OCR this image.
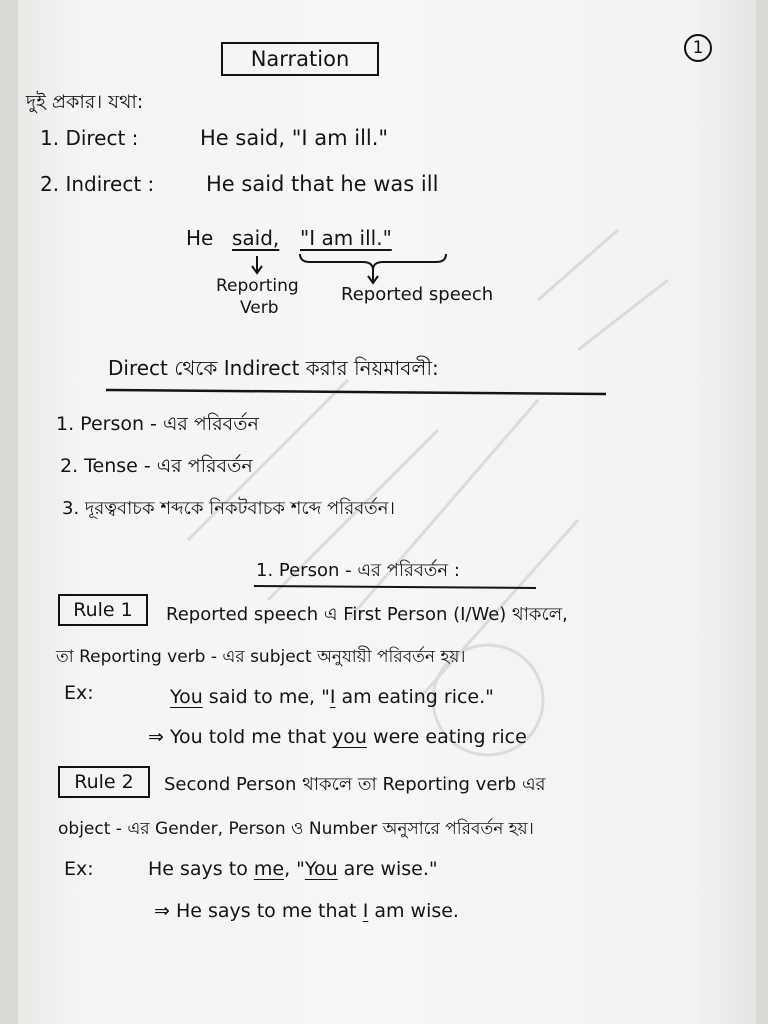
Narration	1
দুই প্রকার। যথা:
1. Direct :	He said, "I am ill."
2. Indirect : He said that he was ill
He said, "I am ill."
Reporting
Verb
Reported speech
Direct থেকে Indirect করার নিয়মাবলী:
1. Person - এর পরিবর্তন
2. Tense - এর পরিবর্তন
3. দূরত্ববাচক শব্দকে নিকটবাচক শব্দে পরিবর্তন।
1. Person - এর পরিবর্তন :
Rule 1	Reported speech এ First Person (I/We) থাকলে,
তা Reporting verb - এর subject অনুযায়ী পরিবর্তন হয়।
Ex:	You said to me, "I am eating rice."
⇒ You told me that you were eating rice
Rule 2	Second Person থাকলে তা Reporting verb এর
object - এর Gender, Person ও Number অনুসারে পরিবর্তন হয়।
Ex:	He says to me, "You are wise."
⇒ He says to me that I am wise.
